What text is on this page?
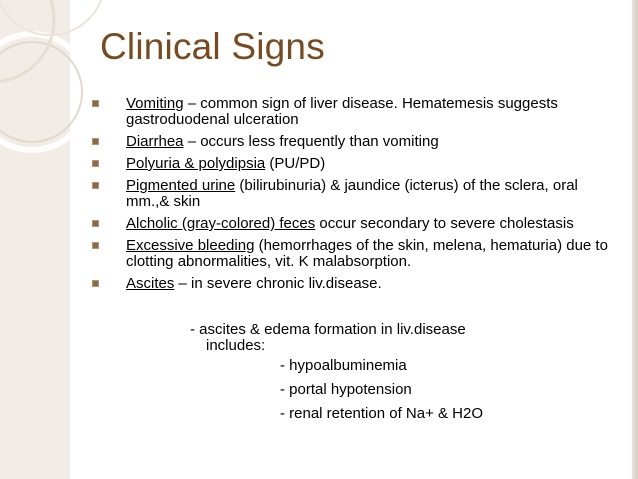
Clinical Signs
Vomiting – common sign of liver disease. Hematemesis suggests gastroduodenal ulceration
Diarrhea – occurs less frequently than vomiting
Polyuria & polydipsia (PU/PD)
Pigmented urine (bilirubinuria) & jaundice (icterus) of the sclera, oral mm.,& skin
Alcholic (gray-colored) feces occur secondary to severe cholestasis
Excessive bleeding (hemorrhages of the skin, melena, hematuria) due to clotting abnormalities, vit. K malabsorption.
Ascites – in severe chronic liv.disease.
- ascites & edema formation in liv.disease
includes:
- hypoalbuminemia
- portal hypotension
- renal retention of Na+ & H2O
